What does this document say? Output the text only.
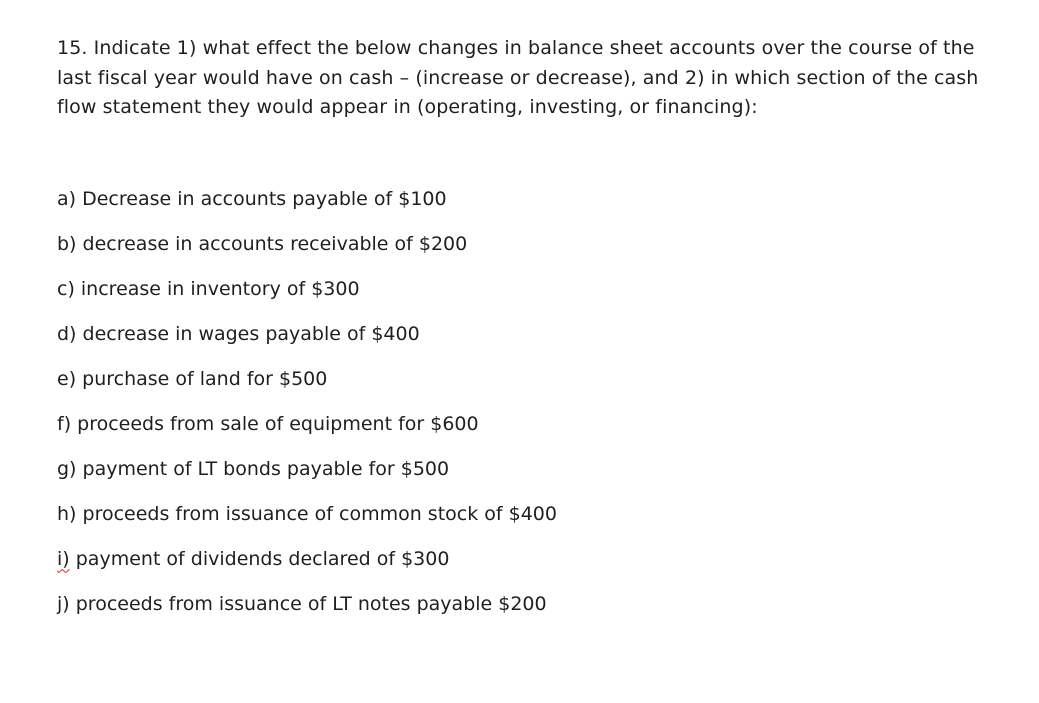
15. Indicate 1) what effect the below changes in balance sheet accounts over the course of the last fiscal year would have on cash – (increase or decrease), and 2) in which section of the cash flow statement they would appear in (operating, investing, or financing):

a) Decrease in accounts payable of $100
b) decrease in accounts receivable of $200
c) increase in inventory of $300
d) decrease in wages payable of $400
e) purchase of land for $500
f) proceeds from sale of equipment for $600
g) payment of LT bonds payable for $500
h) proceeds from issuance of common stock of $400
i) payment of dividends declared of $300
j) proceeds from issuance of LT notes payable $200
